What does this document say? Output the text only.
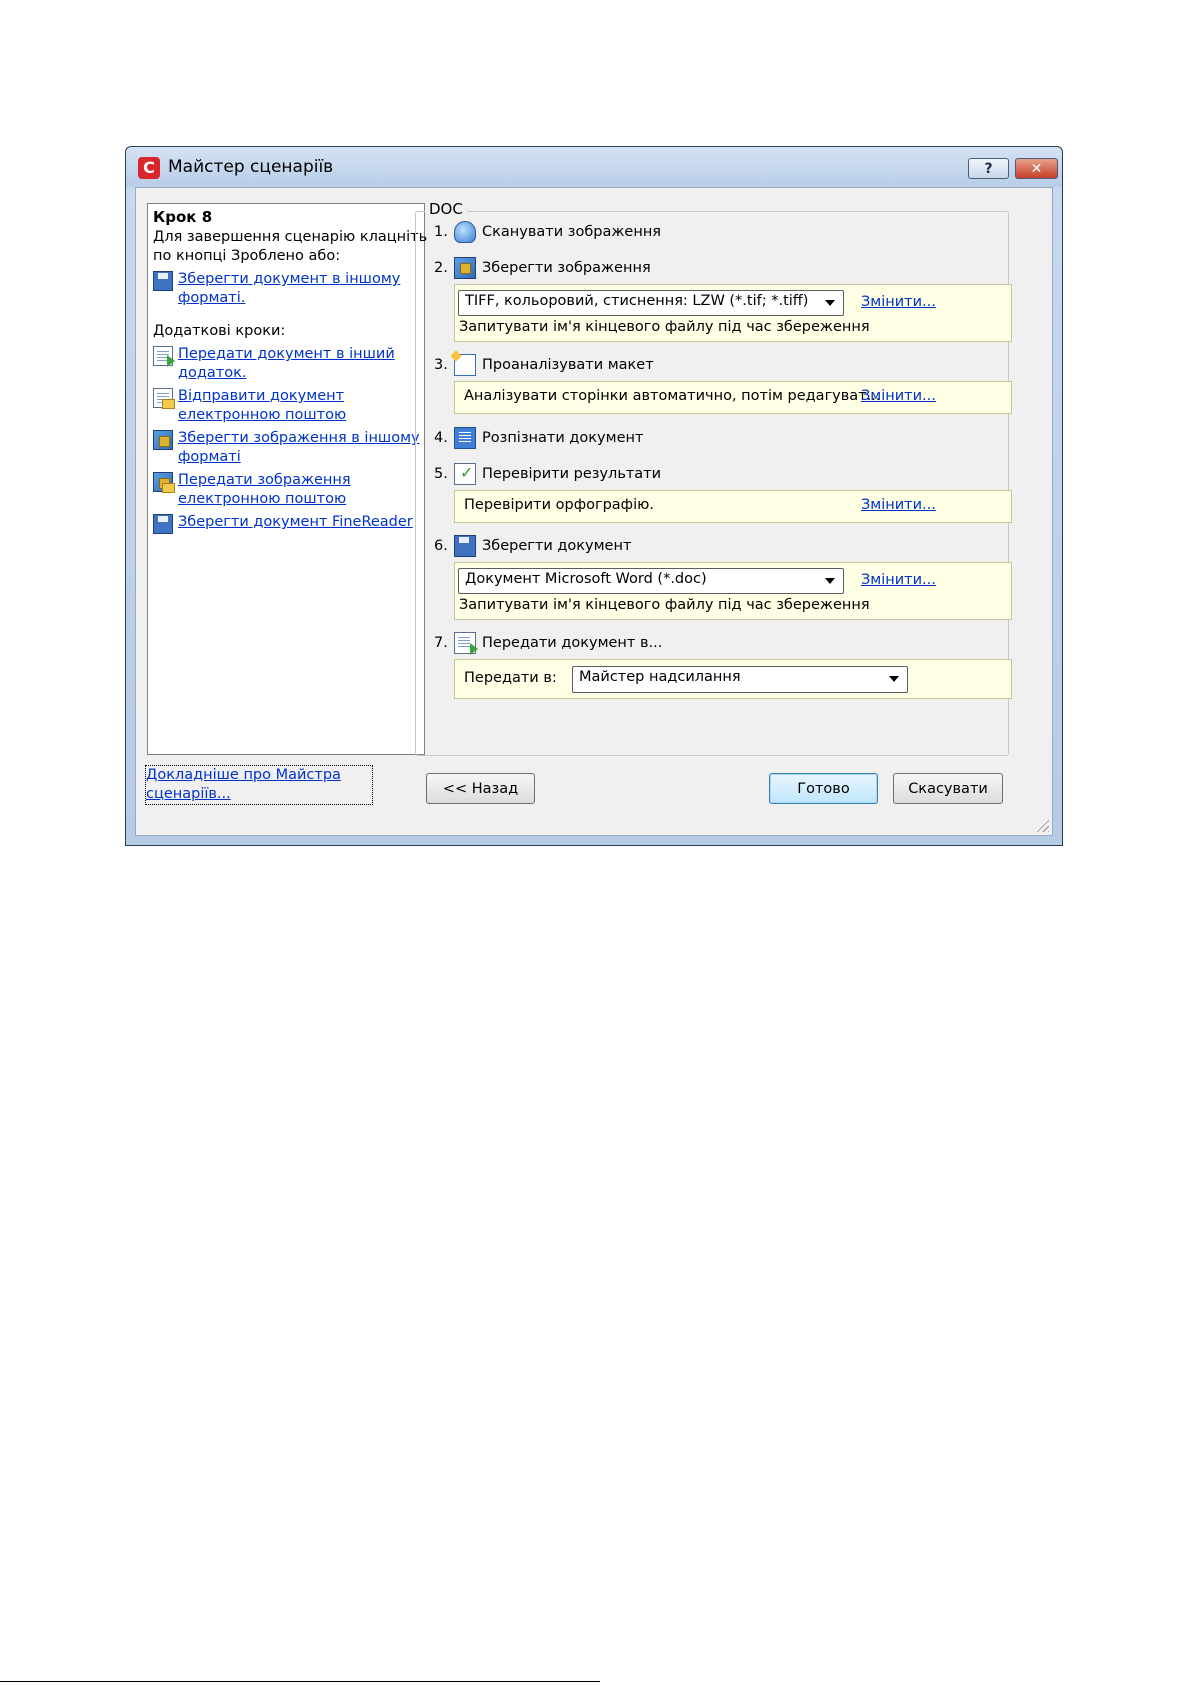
C Майстер сценаріїв	?	✕
Крок 8
Для завершення сценарію клацніть
по кнопці Зроблено або:
Зберегти документ в іншому
форматі.
Додаткові кроки:
Передати документ в інший
додаток.
Відправити документ
електронною поштою
Зберегти зображення в іншому
форматі
Передати зображення
електронною поштою
Зберегти документ FineReader
DOC
1.	Сканувати зображення
2.	Зберегти зображення
TIFF, кольоровий, стиснення: LZW (*.tif; *.tiff)	Змінити...
Запитувати ім'я кінцевого файлу під час збереження
3.	Проаналізувати макет
Аналізувати сторінки автоматично, потім редагуват...
Змінити...
4.	Розпізнати документ
5.
✓	Перевірити результати
Перевірити орфографію.	Змінити...
6.	Зберегти документ
Документ Microsoft Word (*.doc)	Змінити...
Запитувати ім'я кінцевого файлу під час збереження
7.	Передати документ в...
Передати в:	Майстер надсилання
Докладніше про Майстра
сценаріїв...	<< Назад	Готово	Скасувати
